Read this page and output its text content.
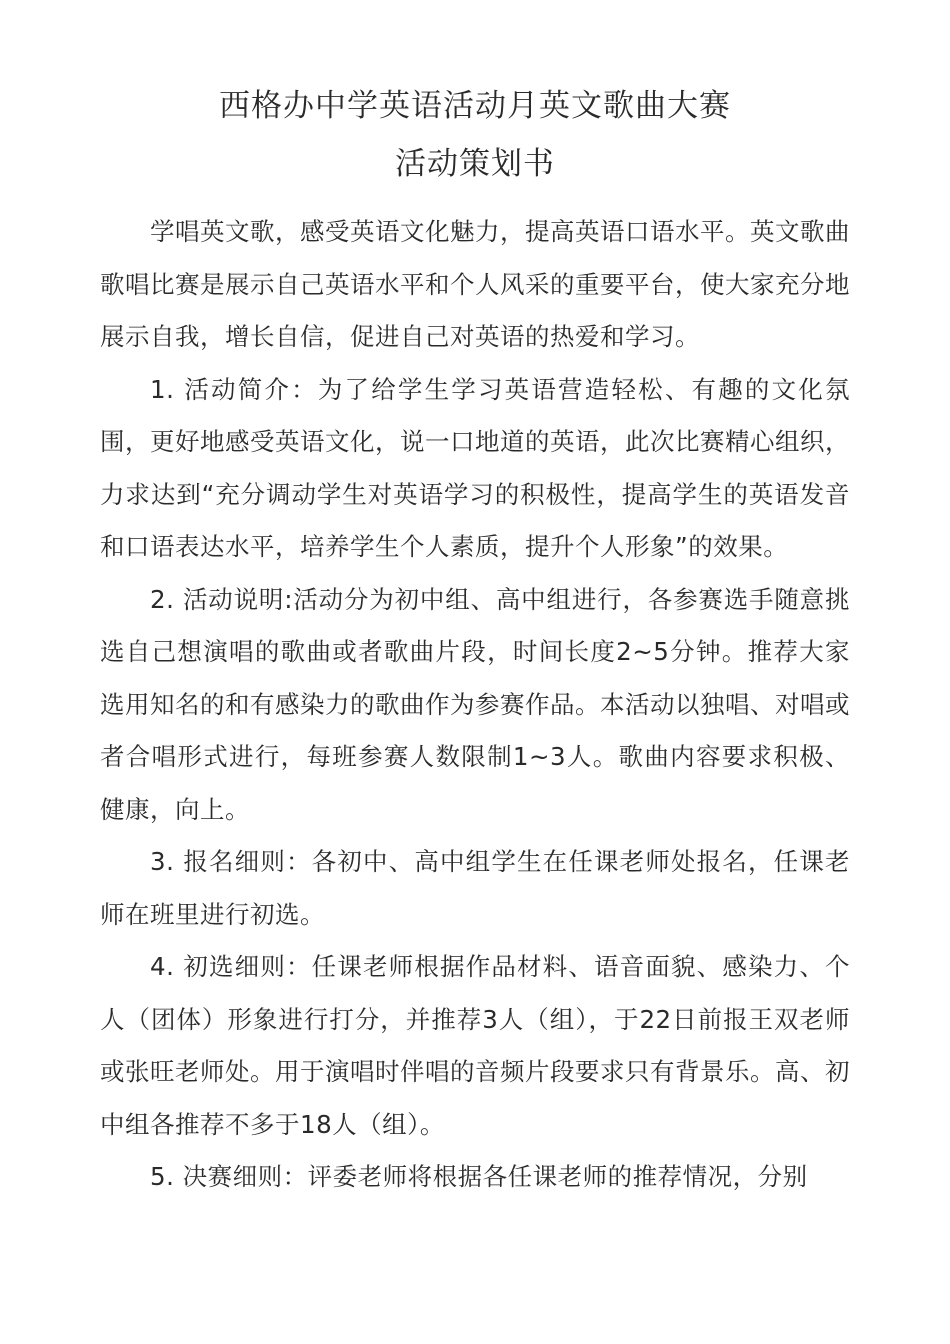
西格办中学英语活动月英文歌曲大赛
活动策划书

学唱英文歌，感受英语文化魅力，提高英语口语水平。英文歌曲歌唱比赛是展示自己英语水平和个人风采的重要平台，使大家充分地展示自我，增长自信，促进自己对英语的热爱和学习。

1. 活动简介：为了给学生学习英语营造轻松、有趣的文化氛围，更好地感受英语文化，说一口地道的英语，此次比赛精心组织，力求达到“充分调动学生对英语学习的积极性，提高学生的英语发音和口语表达水平，培养学生个人素质，提升个人形象”的效果。

2. 活动说明:活动分为初中组、高中组进行，各参赛选手随意挑选自己想演唱的歌曲或者歌曲片段，时间长度2~5分钟。推荐大家选用知名的和有感染力的歌曲作为参赛作品。本活动以独唱、对唱或者合唱形式进行，每班参赛人数限制1~3人。歌曲内容要求积极、健康，向上。

3. 报名细则：各初中、高中组学生在任课老师处报名，任课老师在班里进行初选。

4. 初选细则：任课老师根据作品材料、语音面貌、感染力、个人（团体）形象进行打分，并推荐3人（组），于22日前报王双老师或张旺老师处。用于演唱时伴唱的音频片段要求只有背景乐。高、初中组各推荐不多于18人（组）。

5. 决赛细则：评委老师将根据各任课老师的推荐情况，分别
